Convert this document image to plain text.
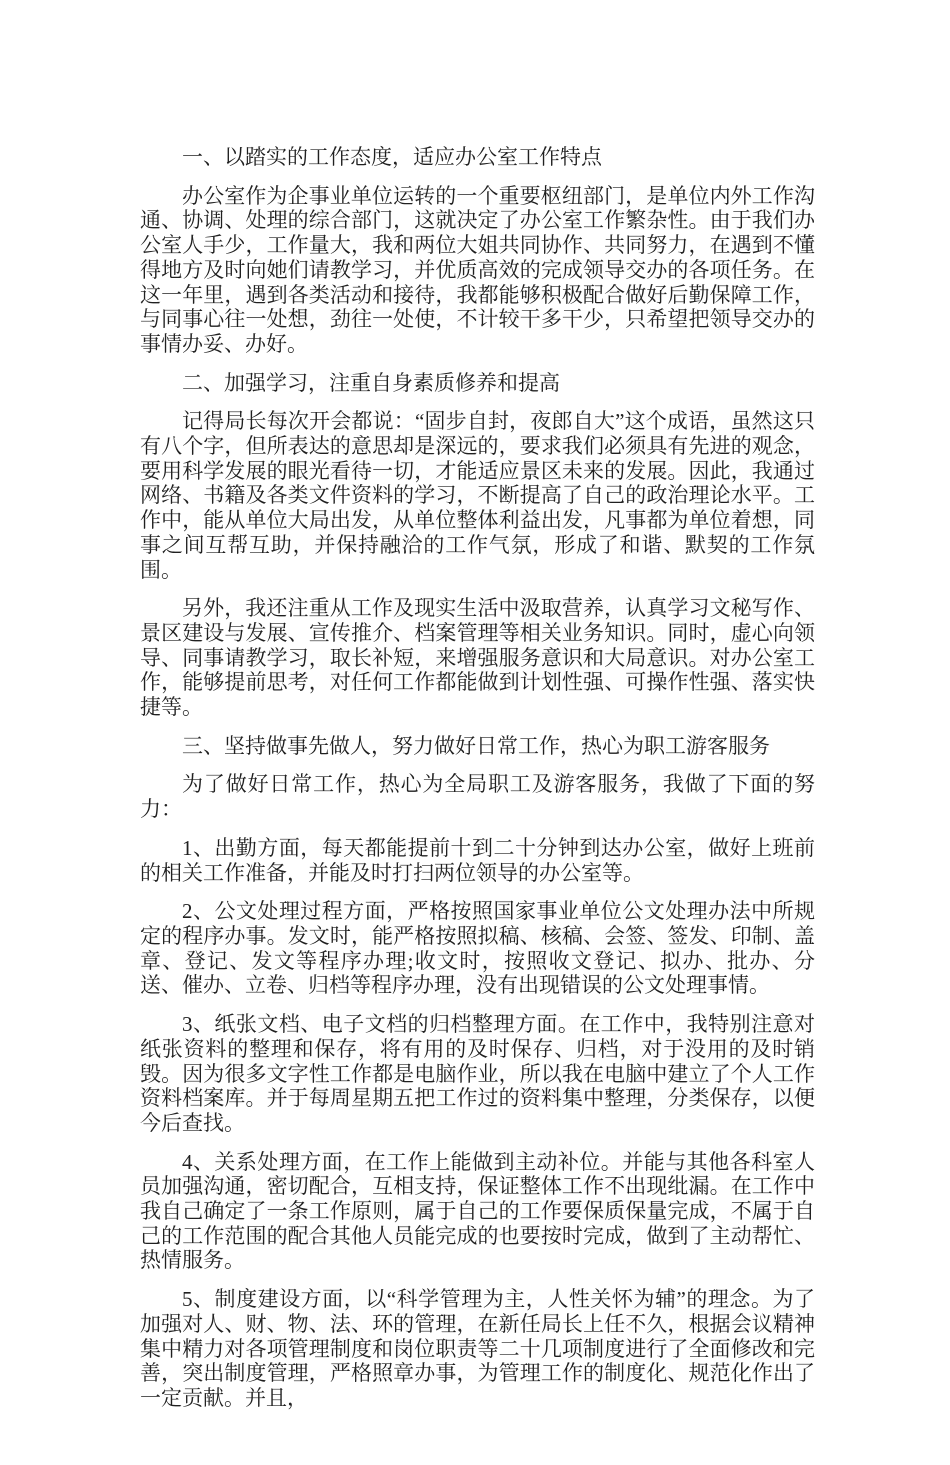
一、以踏实的工作态度，适应办公室工作特点
办公室作为企事业单位运转的一个重要枢纽部门，是单位内外工作沟通、协调、处理的综合部门，这就决定了办公室工作繁杂性。由于我们办公室人手少，工作量大，我和两位大姐共同协作、共同努力，在遇到不懂得地方及时向她们请教学习，并优质高效的完成领导交办的各项任务。在这一年里，遇到各类活动和接待，我都能够积极配合做好后勤保障工作，与同事心往一处想，劲往一处使，不计较干多干少，只希望把领导交办的事情办妥、办好。
二、加强学习，注重自身素质修养和提高
记得局长每次开会都说：“固步自封，夜郎自大”这个成语，虽然这只有八个字，但所表达的意思却是深远的，要求我们必须具有先进的观念，要用科学发展的眼光看待一切，才能适应景区未来的发展。因此，我通过网络、书籍及各类文件资料的学习，不断提高了自己的政治理论水平。工作中，能从单位大局出发，从单位整体利益出发，凡事都为单位着想，同事之间互帮互助，并保持融洽的工作气氛，形成了和谐、默契的工作氛围。
另外，我还注重从工作及现实生活中汲取营养，认真学习文秘写作、景区建设与发展、宣传推介、档案管理等相关业务知识。同时，虚心向领导、同事请教学习，取长补短，来增强服务意识和大局意识。对办公室工作，能够提前思考，对任何工作都能做到计划性强、可操作性强、落实快捷等。
三、坚持做事先做人，努力做好日常工作，热心为职工游客服务
为了做好日常工作，热心为全局职工及游客服务，我做了下面的努力：
1、出勤方面，每天都能提前十到二十分钟到达办公室，做好上班前的相关工作准备，并能及时打扫两位领导的办公室等。
2、公文处理过程方面，严格按照国家事业单位公文处理办法中所规定的程序办事。发文时，能严格按照拟稿、核稿、会签、签发、印制、盖章、登记、发文等程序办理;收文时，按照收文登记、拟办、批办、分送、催办、立卷、归档等程序办理，没有出现错误的公文处理事情。
3、纸张文档、电子文档的归档整理方面。在工作中，我特别注意对纸张资料的整理和保存，将有用的及时保存、归档，对于没用的及时销毁。因为很多文字性工作都是电脑作业，所以我在电脑中建立了个人工作资料档案库。并于每周星期五把工作过的资料集中整理，分类保存，以便今后查找。
4、关系处理方面，在工作上能做到主动补位。并能与其他各科室人员加强沟通，密切配合，互相支持，保证整体工作不出现纰漏。在工作中我自己确定了一条工作原则，属于自己的工作要保质保量完成，不属于自己的工作范围的配合其他人员能完成的也要按时完成，做到了主动帮忙、热情服务。
5、制度建设方面，以“科学管理为主，人性关怀为辅”的理念。为了加强对人、财、物、法、环的管理，在新任局长上任不久，根据会议精神集中精力对各项管理制度和岗位职责等二十几项制度进行了全面修改和完善，突出制度管理，严格照章办事，为管理工作的制度化、规范化作出了一定贡献。并且，
